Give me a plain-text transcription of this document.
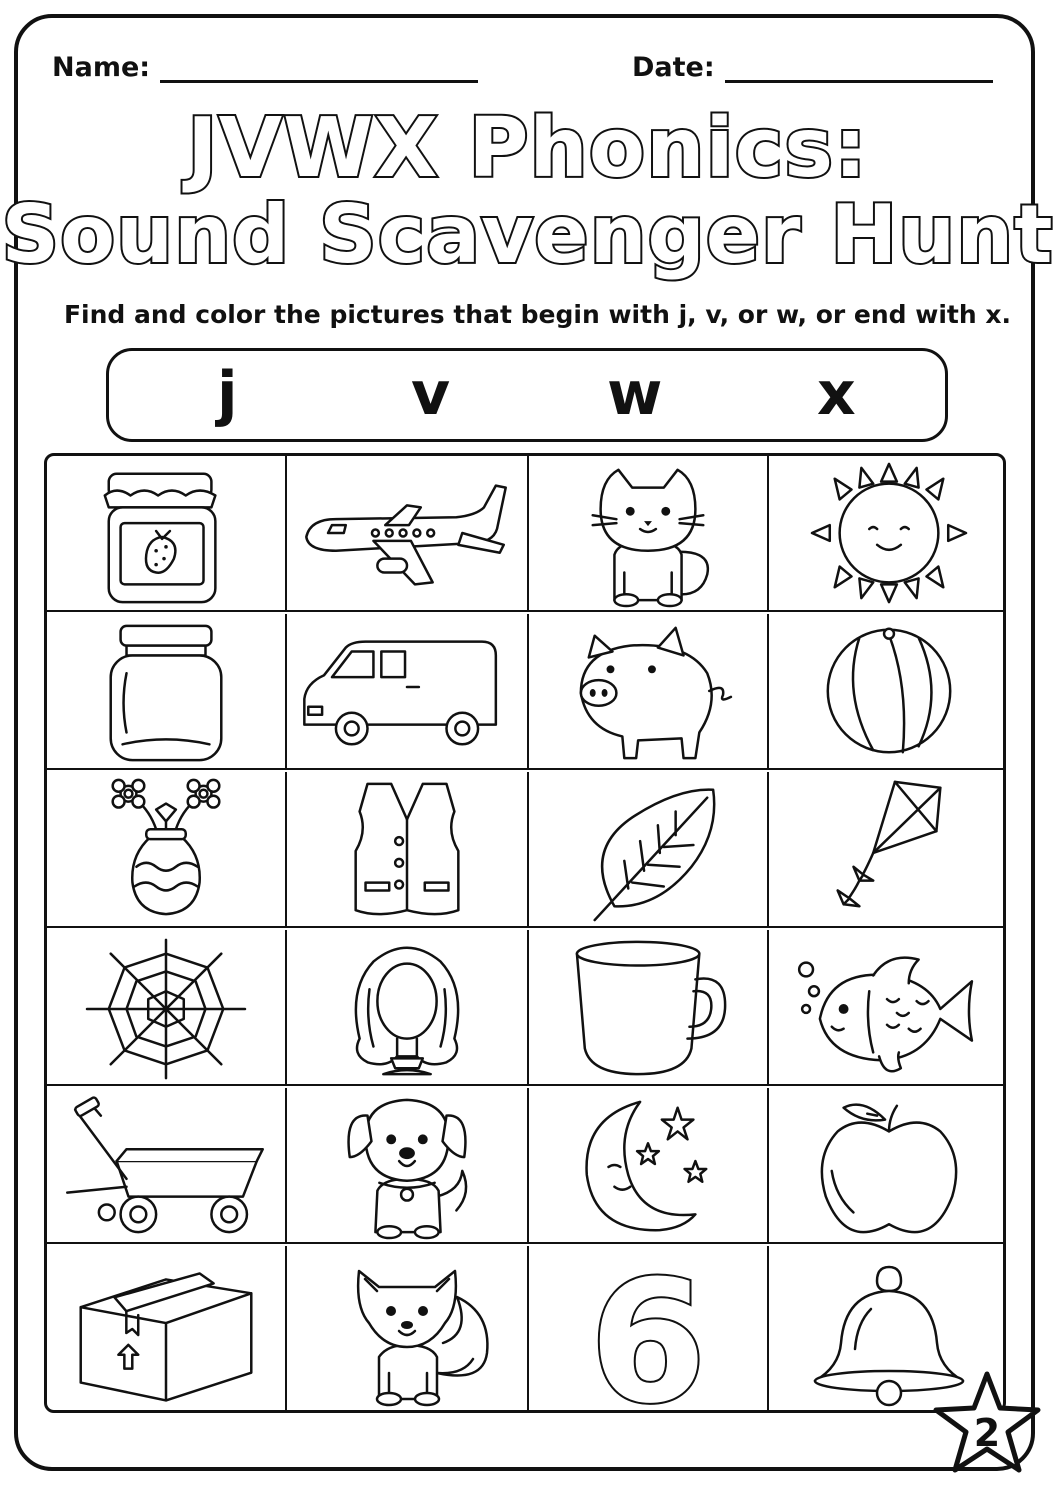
Name:	Date:
JVWX Phonics:
Sound Scavenger Hunt
Find and color the pictures that begin with j, v, or w, or end with x.
j	v	w	x
6	2
